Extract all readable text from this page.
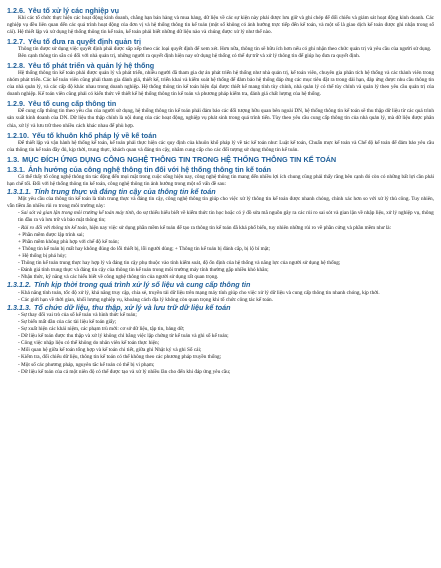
1.2.6. Yêu tố xử lý các nghiệp vụ
Khi các tổ chức thực hiện các hoạt động kinh doanh, chẳng hạn bán hàng và mua hàng, dữ liệu về các sự kiện này phải được lưu giữ và ghi chép để đối chiếu và giám sát hoạt động kinh doanh. Các nghiệp vụ đều liên quan đến các quá trình hoạt động của đơn vị và hệ thống thông tin kế toán (một số không có ảnh hưởng trực tiếp đến kế toán, và một số là giao dịch kế toán được ghi nhận trong sổ cái). Hệ thiết lập và xử dụng hệ thống thông tin kế toán, kế toán phải biết những dữ liệu nào và chúng được xử lý như thế nào.
1.2.7. Yêu tố đưa ra quyết định quản trị
Thông tin được sử dụng việc quyết định phải được sắp xếp theo các loại quyết định để xem xét. Hơn nữa, thông tin sẽ hữu ích hơn nếu có ghi nhận theo chức quản trị và yêu cầu của người sử dụng.
Bên cạnh thông tin sẵn có đối với nhà quản trị, những người ra quyết định hiện nay sử dụng hệ thống có thể dự trữ và xử lý thông tin để giúp họ đưa ra quyết định.
1.2.8. Yêu tố phát triển và quản lý hệ thống
Hệ thống thông tin kế toán phải được quản lý và phát triển, nhiều người đã tham gia dự án phát triển hệ thống như nhà quản trị, kế toán viên, chuyên gia phân tích hệ thống và các thành viên trong nhóm phát triển. Các kế toán viên cũng phải tham gia đánh giá, thiết kế, triển khai và kiểm soát hệ thống để đảm bảo hệ thống đáp ứng các mục tiêu đặt ra trong dài hạn, đáp ứng được nhu cầu thông tin của nhà quản lý, và các cấp độ khác nhau trong doanh nghiệp. Hệ thống thông tin kế toán hiện đại được thiết kế mang tính tùy chỉnh, nhà quản lý có thể tùy chỉnh và quản lý theo yêu cầu quản trị của doanh nghiệp. Kế toán viên cũng phải có kiến thức về thiết kế hệ thống thông tin kế toán và phương pháp kiểm tra, đánh giá chất lượng của hệ thống.
1.2.9. Yêu tố cung cấp thông tin
Để cung cấp thông tin theo yêu cầu của người sử dụng, hệ thống thông tin kế toán phải đảm bảo các đối tượng hữu quan bên ngoài DN, hệ thống thông tin kế toán sẽ thu thập dữ liệu từ các quá trình sản xuất kinh doanh của DN. Dữ liệu thu thập chính là nội dung của các hoạt động, nghiệp vụ phát sinh trong quá trình tiến. Tùy theo yêu cầu cung cấp thông tin của nhà quản lý, mà dữ liệu được phân chia, xử lý và lưu trữ theo nhiều cách khác nhau để phù hợp.
1.2.10. Yếu tố khuôn khổ pháp lý về kế toán
Để thiết lập và vận hành hệ thống kế toán, kế toán phải thực hiện các quy định của khuôn khổ pháp lý về tác kế toán như: Luật kế toán, Chuẩn mực kế toán và Chế độ kế toán để đảm bảo yêu cầu của thông tin kế toán đầy đủ, kịp thời, trung thực, khách quan và đáng tin cậy, nhằm cung cấp cho các đối tượng sử dụng thông tin kế toán.
1.3. MỤC ĐÍCH ỨNG DỤNG CÔNG NGHỆ THÔNG TIN TRONG HỆ THỐNG THÔNG TIN KẾ TOÁN
1.3.1. Ảnh hưởng của công nghệ thông tin đối với hệ thống thông tin kế toán
Có thể thấy tổ công nghệ thông tin tác động đến mọi mặt trong cuộc sống hiện nay, công nghệ thông tin mang đến nhiều lợi ích chung cũng phải thấy rằng bên cạnh đó còn có những bất lợi cần phải hạn chế tối. Đối với hệ thống thông tin kế toán, công nghệ thông tin ảnh hưởng trong một số vấn đề sau:
1.3.1.1. Tính trung thực và đáng tin cậy của thông tin kế toán
Một yêu cầu của thông tin kế toán là tính trung thực và đáng tin cậy, công nghệ thông tin giúp cho việc xử lý thông tin kế toán được nhanh chóng, chính xác hơn so với xử lý thủ công. Tuy nhiên, vẫn tiềm ẩn nhiều rủi ro trong môi trường này:
- Sai sót và gian lận trong môi trường kế toán máy tính, do sự thiếu hiểu biết về kiểm thức tin học hoặc có ý đồ sửa mã nguồn gây ra các rủi ro sai sót và gian lận về nhập liệu, xử lý nghiệp vụ, thông tin đầu ra và lưu trữ và bảo mật thông tin;
- Rủi ro đối với thông tin kế toán, hiện nay việc sử dụng phần mềm kế toán để tạo ra thông tin kế toán đã khá phổ biến, tuy nhiên những rủi ro về phần cứng và phần mềm như là:
+ Phần mềm được lập trình sai;
+ Phần mềm không phù hợp với chế độ kế toán;
+ Thông tin kế toán bị mất hay không đúng do lỗi thiết bị, lỗi người dùng; + Thông tin kế toán bị đánh cắp, bị lộ bí mật;
+ Hệ thống bị phá hủy;
- Thông tin kế toán trung thực hay hợp lý và đáng tin cậy phụ thuộc vào tính kiểm soát, độ ổn định của hệ thống và năng lực của người sử dụng hệ thống;
- Đánh giá tính trung thực và đáng tin cậy của thông tin kế toán trong môi trường máy tính thường gặp nhiều khó khăn;
- Nhận thức, kỹ năng và các hiểu biết về công nghệ thông tin của người sử dụng rất quan trọng.
1.3.1.2. Tính kịp thời trong quá trình xử lý số liệu và cung cấp thông tin
- Khả năng tính toán, tốc độ xử lý, khả năng truy cập, chia sẻ, truyền tải dữ liệu trên mạng máy tính giúp cho việc xử lý dữ liệu và cung cấp thông tin nhanh chóng, kịp thời.
- Các giới hạn về thời gian, khối lượng nghiệp vụ, khoảng cách địa lý không còn quan trọng khi tổ chức công tác kế toán.
1.3.1.3. Tổ chức dữ liệu, thu thập, xử lý và lưu trữ dữ liệu kế toán
- Sự thay đổi vai trò của sổ kế toán và hình thức kế toán;
- Sự biến mất dần của các tài liệu kế toán giấy;
- Sự xuất hiện các khái niệm, các phạm trù mới: cơ sở dữ liệu, tập tin, bảng dữ;
- Dữ liệu kế toán được thu thập và xử lý không chỉ bằng việc lập chứng từ kế toán và ghi sổ kế toán;
- Công việc nhập liệu có thể không do nhân viên kế toán thực hiện;
- Mối quan hệ giữa kế toán tổng hợp và kế toán chi tiết, giữa ghi Nhật ký và ghi Sổ cái;
- Kiểm tra, đối chiếu dữ liệu, thông tin kế toán có thể không theo các phương pháp truyền thống;
- Một số các phương pháp, nguyên tắc kế toán có thể bị vi phạm;
- Dữ liệu kế toán của cả một niên độ có thể được tạo và xử lý nhiều lần cho đến khi đáp ứng yêu cầu;
